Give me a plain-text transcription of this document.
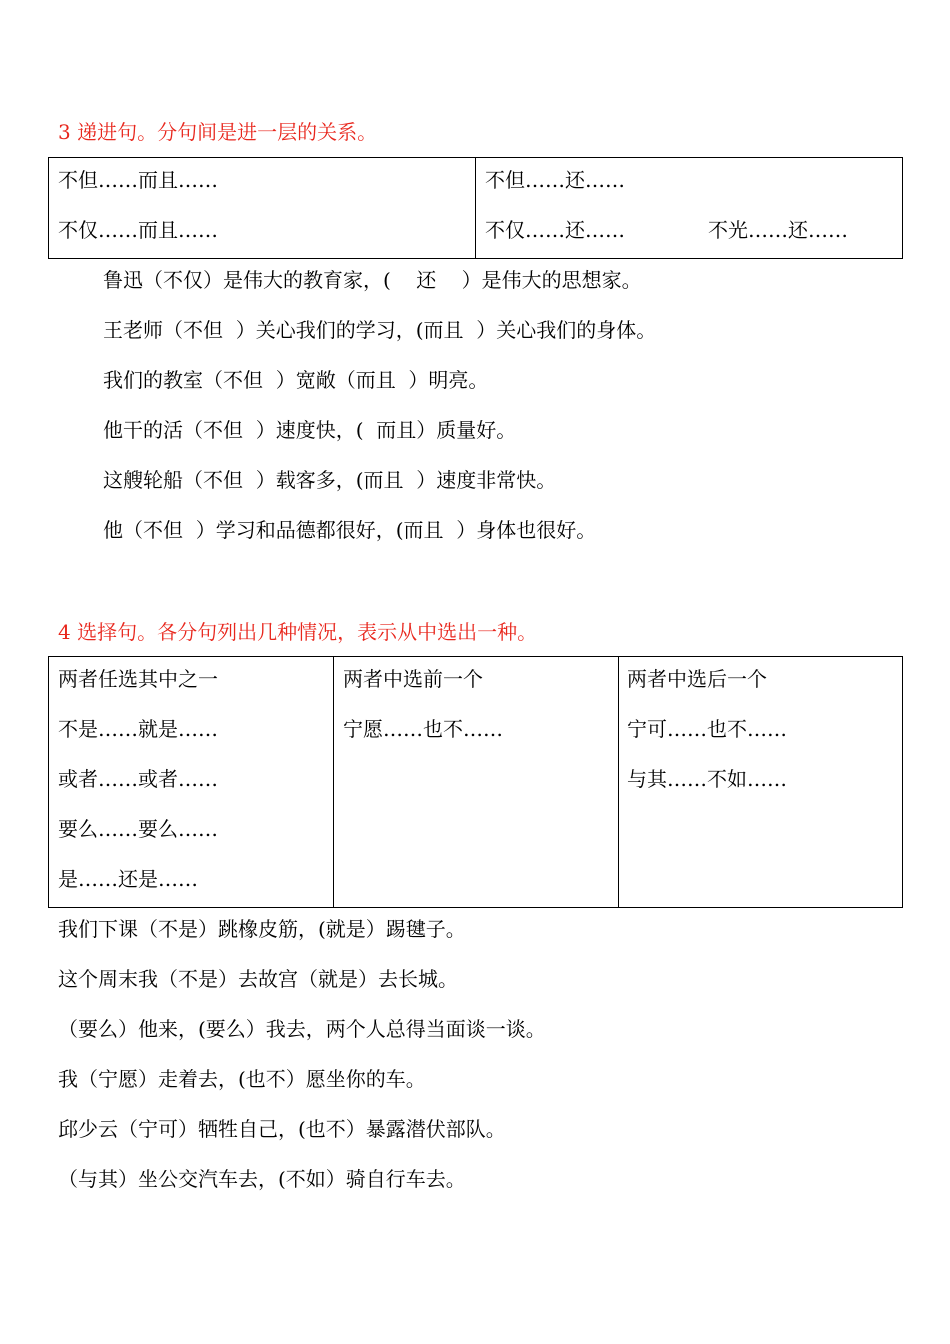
3 递进句。分句间是进一层的关系。
不但……而且……
不仅……而且……
不但……还……
不仅……还……	不光……还……
鲁迅（不仅）是伟大的教育家，(    还    ）是伟大的思想家。
王老师（不但  ）关心我们的学习，(而且  ）关心我们的身体。
我们的教室（不但  ）宽敞（而且  ）明亮。
他干的活（不但  ）速度快，(  而且）质量好。
这艘轮船（不但  ）载客多，(而且  ）速度非常快。
他（不但  ）学习和品德都很好，(而且  ）身体也很好。
4 选择句。各分句列出几种情况，表示从中选出一种。
两者任选其中之一
不是……就是……
或者……或者……
要么……要么……
是……还是……
两者中选前一个
宁愿……也不……
两者中选后一个
宁可……也不……
与其……不如……
我们下课（不是）跳橡皮筋，(就是）踢毽子。
这个周末我（不是）去故宫（就是）去长城。
（要么）他来，(要么）我去，两个人总得当面谈一谈。
我（宁愿）走着去，(也不）愿坐你的车。
邱少云（宁可）牺牲自己，(也不）暴露潜伏部队。
（与其）坐公交汽车去，(不如）骑自行车去。
